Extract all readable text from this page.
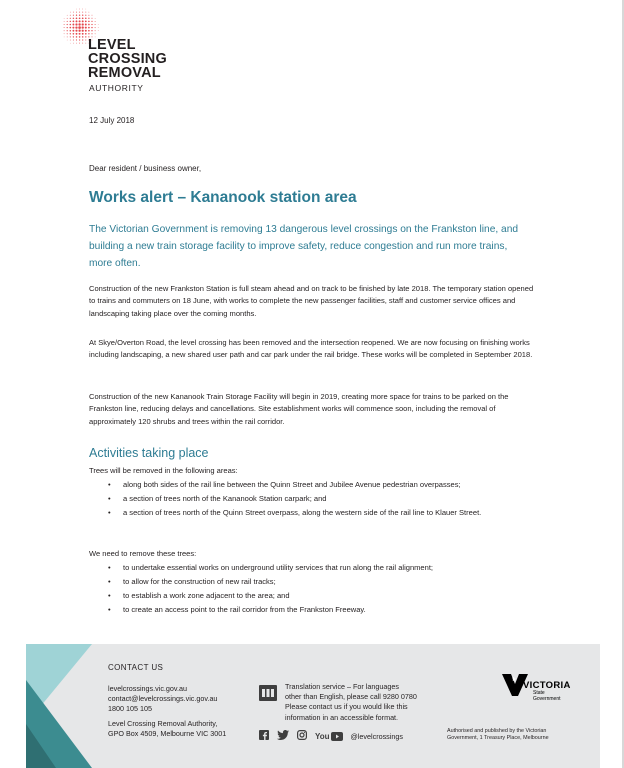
LEVEL
CROSSING
REMOVAL
AUTHORITY
12 July 2018
Dear resident / business owner,
Works alert – Kananook station area

The Victorian Government is removing 13 dangerous level crossings on the Frankston line, and building a new train storage facility to improve safety, reduce congestion and run more trains, more often.

Construction of the new Frankston Station is full steam ahead and on track to be finished by late 2018. The temporary station opened to trains and commuters on 18 June, with works to complete the new passenger facilities, staff and customer service offices and landscaping taking place over the coming months.

At Skye/Overton Road, the level crossing has been removed and the intersection reopened. We are now focusing on finishing works including landscaping, a new shared user path and car park under the rail bridge. These works will be completed in September 2018.

Construction of the new Kananook Train Storage Facility will begin in 2019, creating more space for trains to be parked on the Frankston line, reducing delays and cancellations. Site establishment works will commence soon, including the removal of approximately 120 shrubs and trees within the rail corridor.

Activities taking place
Trees will be removed in the following areas:
• along both sides of the rail line between the Quinn Street and Jubilee Avenue pedestrian overpasses;
• a section of trees north of the Kananook Station carpark; and
• a section of trees north of the Quinn Street overpass, along the western side of the rail line to Klauer Street.
We need to remove these trees:
• to undertake essential works on underground utility services that run along the rail alignment;
• to allow for the construction of new rail tracks;
• to establish a work zone adjacent to the area; and
• to create an access point to the rail corridor from the Frankston Freeway.
CONTACT US
levelcrossings.vic.gov.au
contact@levelcrossings.vic.gov.au
1800 105 105
Level Crossing Removal Authority,
GPO Box 4509, Melbourne VIC 3001
Translation service – For languages
other than English, please call 9280 0780
Please contact us if you would like this
information in an accessible format.
You	@levelcrossings
VICTORIA
State
Government
Authorised and published by the Victorian
Government, 1 Treasury Place, Melbourne
